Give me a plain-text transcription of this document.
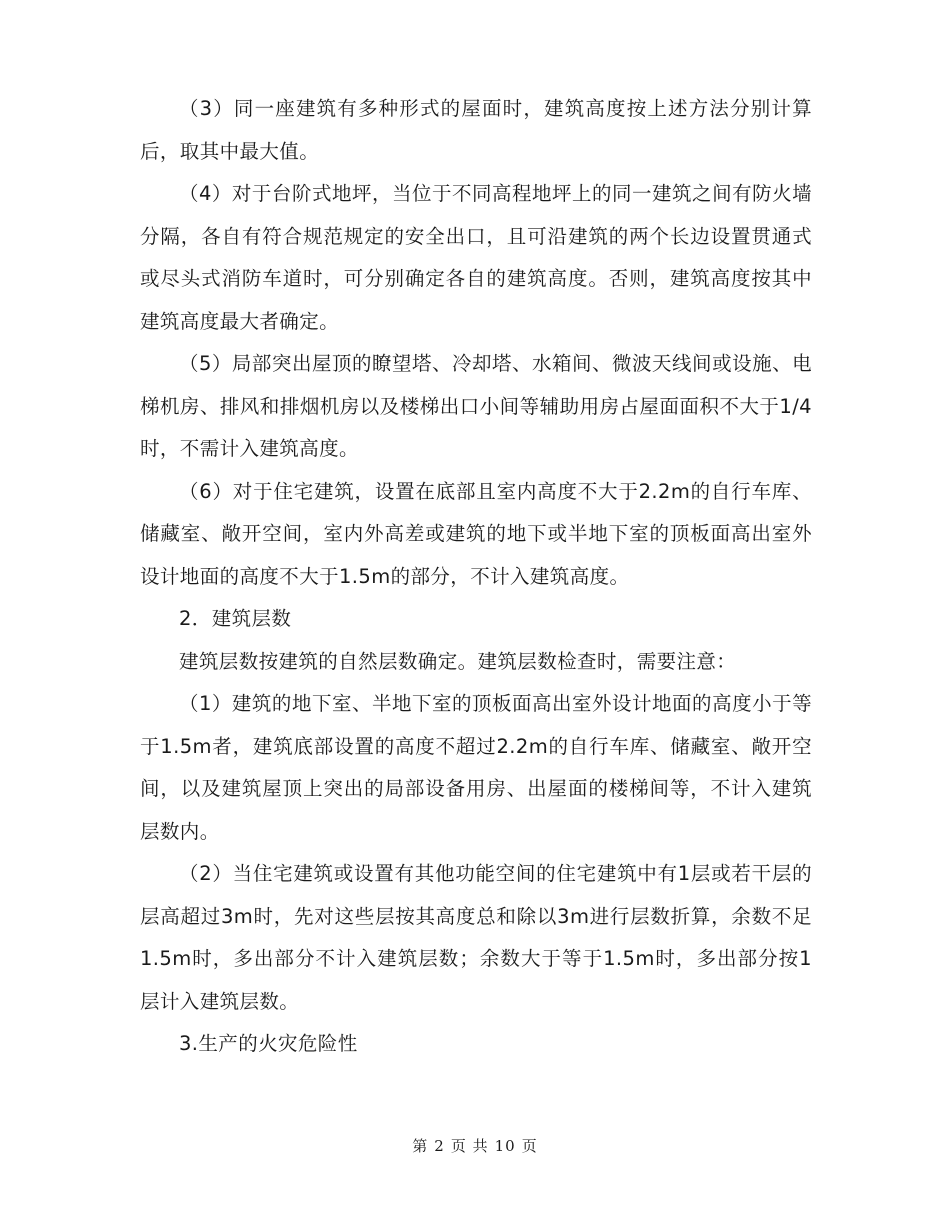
（3）同一座建筑有多种形式的屋面时，建筑高度按上述方法分别计算后，取其中最大值。

（4）对于台阶式地坪，当位于不同高程地坪上的同一建筑之间有防火墙分隔，各自有符合规范规定的安全出口，且可沿建筑的两个长边设置贯通式或尽头式消防车道时，可分别确定各自的建筑高度。否则，建筑高度按其中建筑高度最大者确定。

（5）局部突出屋顶的瞭望塔、冷却塔、水箱间、微波天线间或设施、电梯机房、排风和排烟机房以及楼梯出口小间等辅助用房占屋面面积不大于1/4时，不需计入建筑高度。

（6）对于住宅建筑，设置在底部且室内高度不大于2.2m的自行车库、储藏室、敞开空间，室内外高差或建筑的地下或半地下室的顶板面高出室外设计地面的高度不大于1.5m的部分，不计入建筑高度。

2．建筑层数

建筑层数按建筑的自然层数确定。建筑层数检查时，需要注意：

（1）建筑的地下室、半地下室的顶板面高出室外设计地面的高度小于等于1.5m者，建筑底部设置的高度不超过2.2m的自行车库、储藏室、敞开空间，以及建筑屋顶上突出的局部设备用房、出屋面的楼梯间等，不计入建筑层数内。

（2）当住宅建筑或设置有其他功能空间的住宅建筑中有1层或若干层的层高超过3m时，先对这些层按其高度总和除以3m进行层数折算，余数不足1.5m时，多出部分不计入建筑层数；余数大于等于1.5m时，多出部分按1层计入建筑层数。

3.生产的火灾危险性

第 2 页 共 10 页
